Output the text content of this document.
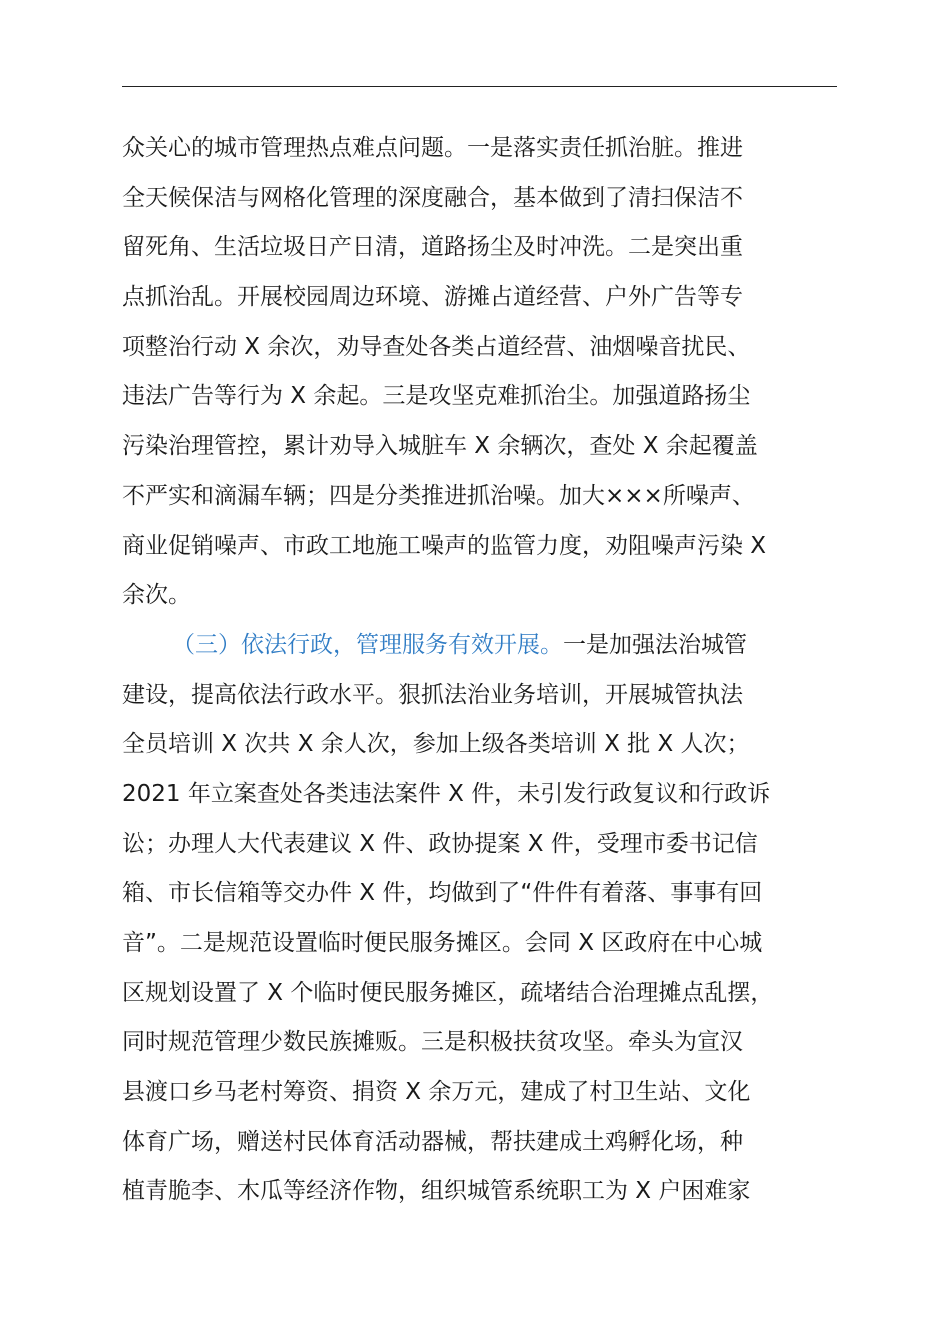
众关心的城市管理热点难点问题。一是落实责任抓治脏。推进
全天候保洁与网格化管理的深度融合，基本做到了清扫保洁不
留死角、生活垃圾日产日清，道路扬尘及时冲洗。二是突出重
点抓治乱。开展校园周边环境、游摊占道经营、户外广告等专
项整治行动 X 余次，劝导查处各类占道经营、油烟噪音扰民、
违法广告等行为 X 余起。三是攻坚克难抓治尘。加强道路扬尘
污染治理管控，累计劝导入城脏车 X 余辆次，查处 X 余起覆盖
不严实和滴漏车辆；四是分类推进抓治噪。加大×××所噪声、
商业促销噪声、市政工地施工噪声的监管力度，劝阻噪声污染 X
余次。
（三）依法行政，管理服务有效开展。一是加强法治城管
建设，提高依法行政水平。狠抓法治业务培训，开展城管执法
全员培训 X 次共 X 余人次，参加上级各类培训 X 批 X 人次；
2021 年立案查处各类违法案件 X 件，未引发行政复议和行政诉
讼；办理人大代表建议 X 件、政协提案 X 件，受理市委书记信
箱、市长信箱等交办件 X 件，均做到了“件件有着落、事事有回
音”。二是规范设置临时便民服务摊区。会同 X 区政府在中心城
区规划设置了 X 个临时便民服务摊区，疏堵结合治理摊点乱摆，
同时规范管理少数民族摊贩。三是积极扶贫攻坚。牵头为宣汉
县渡口乡马老村筹资、捐资 X 余万元，建成了村卫生站、文化
体育广场，赠送村民体育活动器械，帮扶建成土鸡孵化场，种
植青脆李、木瓜等经济作物，组织城管系统职工为 X 户困难家
